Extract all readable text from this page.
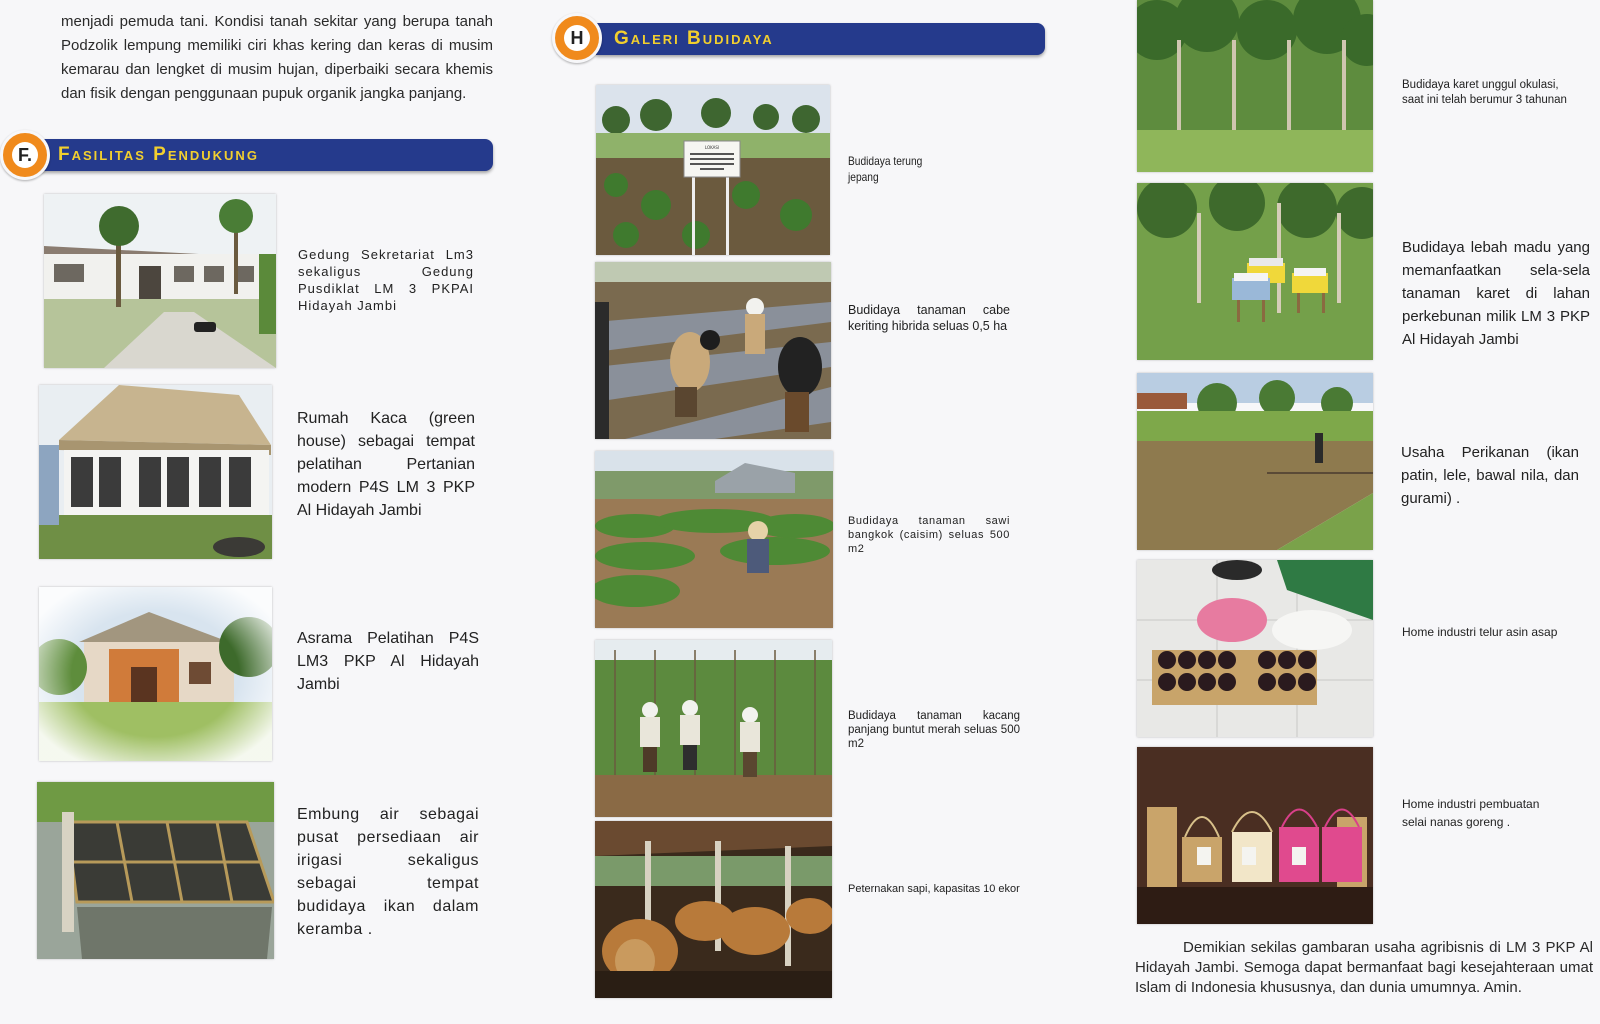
menjadi pemuda tani. Kondisi tanah sekitar yang berupa tanah Podzolik lempung memiliki ciri khas kering dan keras di musim kemarau dan lengket di musim hujan, diperbaiki secara khemis dan fisik dengan penggunaan pupuk organik jangka panjang.
Fasilitas Pendukung
F.
Gedung Sekretariat Lm3 sekaligus Gedung Pusdiklat LM 3 PKPAI Hidayah Jambi
Rumah Kaca (green house) sebagai tempat pelatihan Pertanian modern P4S LM 3 PKP Al Hidayah Jambi
Asrama Pelatihan P4S LM3 PKP Al Hidayah Jambi
Embung air sebagai pusat persediaan air irigasi sekaligus sebagai tempat budidaya ikan dalam keramba .
Galeri Budidaya
H
LOKASI
Budidaya terung jepang
Budidaya tanaman cabe keriting hibrida seluas 0,5 ha
Budidaya tanaman sawi bangkok (caisim) seluas 500 m2
Budidaya tanaman kacang panjang buntut merah seluas 500 m2
Peternakan sapi, kapasitas 10 ekor
Budidaya karet unggul okulasi, saat ini telah berumur 3 tahunan
Budidaya lebah madu yang memanfaatkan sela-sela tanaman karet di lahan perkebunan milik LM 3 PKP Al Hidayah Jambi
Usaha Perikanan (ikan patin, lele, bawal nila, dan gurami) .
Home industri telur asin asap
Home industri pembuatan selai nanas goreng .
Demikian sekilas gambaran usaha agribisnis di LM 3 PKP Al Hidayah Jambi. Semoga dapat bermanfaat bagi kesejahteraan umat Islam di Indonesia khususnya, dan dunia umumnya. Amin.
